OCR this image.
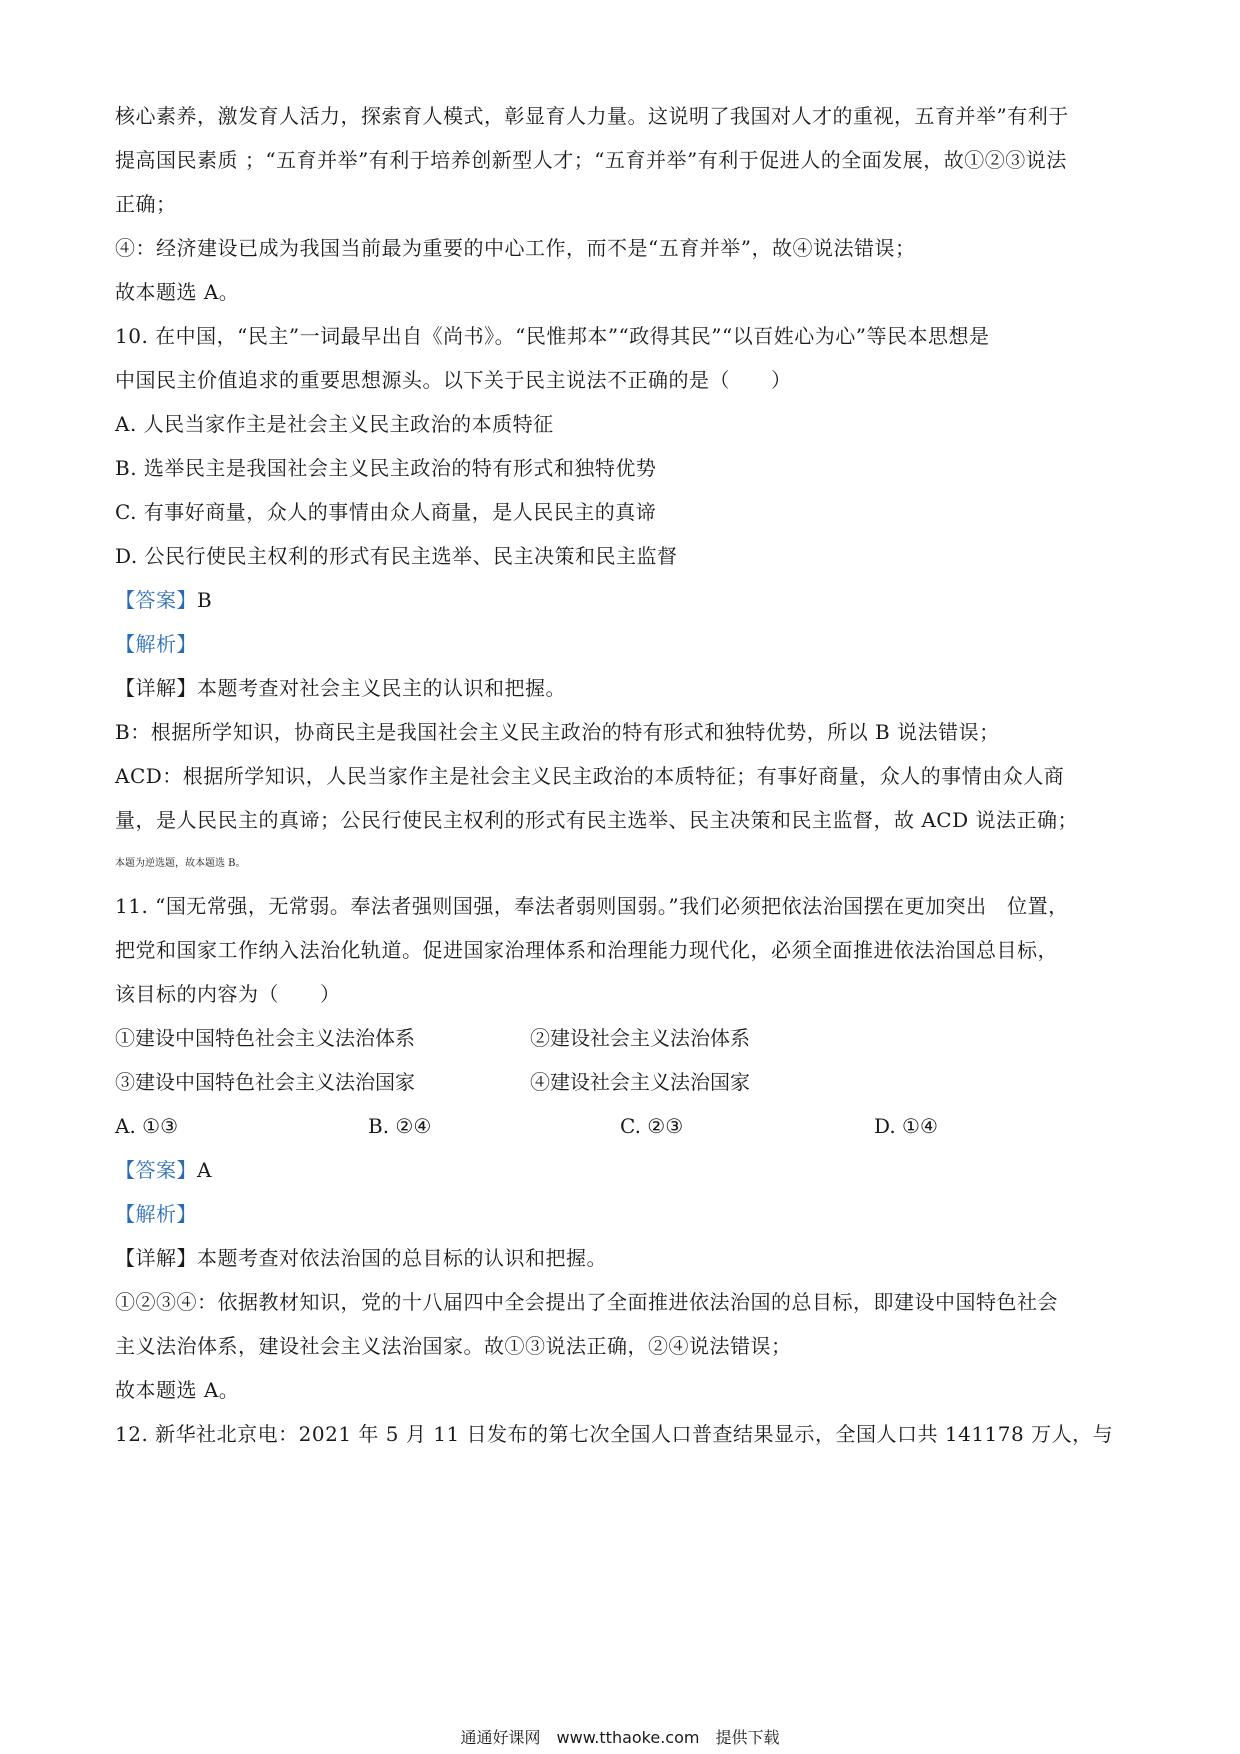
核心素养，激发育人活力，探索育人模式，彰显育人力量。这说明了我国对人才的重视，五育并举”有利于
提高国民素质 ；“五育并举”有利于培养创新型人才；“五育并举”有利于促进人的全面发展，故①②③说法
正确；
④：经济建设已成为我国当前最为重要的中心工作，而不是“五育并举”，故④说法错误；
故本题选 A。
10. 在中国，“民主”一词最早出自《尚书》。“民惟邦本”“政得其民”“以百姓心为心”等民本思想是
中国民主价值追求的重要思想源头。以下关于民主说法不正确的是（　　）
A. 人民当家作主是社会主义民主政治的本质特征
B. 选举民主是我国社会主义民主政治的特有形式和独特优势
C. 有事好商量，众人的事情由众人商量，是人民民主的真谛
D. 公民行使民主权利的形式有民主选举、民主决策和民主监督
【答案】B
【解析】
【详解】本题考查对社会主义民主的认识和把握。
B：根据所学知识，协商民主是我国社会主义民主政治的特有形式和独特优势，所以 B 说法错误；
ACD：根据所学知识，人民当家作主是社会主义民主政治的本质特征；有事好商量，众人的事情由众人商
量，是人民民主的真谛；公民行使民主权利的形式有民主选举、民主决策和民主监督，故 ACD 说法正确；
本题为逆选题，故本题选 B。
11. “国无常强，无常弱。奉法者强则国强，奉法者弱则国弱。”我们必须把依法治国摆在更加突出　位置，
把党和国家工作纳入法治化轨道。促进国家治理体系和治理能力现代化，必须全面推进依法治国总目标，
该目标的内容为（　　）
①建设中国特色社会主义法治体系	②建设社会主义法治体系
③建设中国特色社会主义法治国家	④建设社会主义法治国家
A. ①③	B. ②④	C. ②③	D. ①④
【答案】A
【解析】
【详解】本题考查对依法治国的总目标的认识和把握。
①②③④：依据教材知识，党的十八届四中全会提出了全面推进依法治国的总目标，即建设中国特色社会
主义法治体系，建设社会主义法治国家。故①③说法正确，②④说法错误；
故本题选 A。
12. 新华社北京电：2021 年 5 月 11 日发布的第七次全国人口普查结果显示，全国人口共 141178 万人，与
通通好课网　www.tthaoke.com　提供下载
